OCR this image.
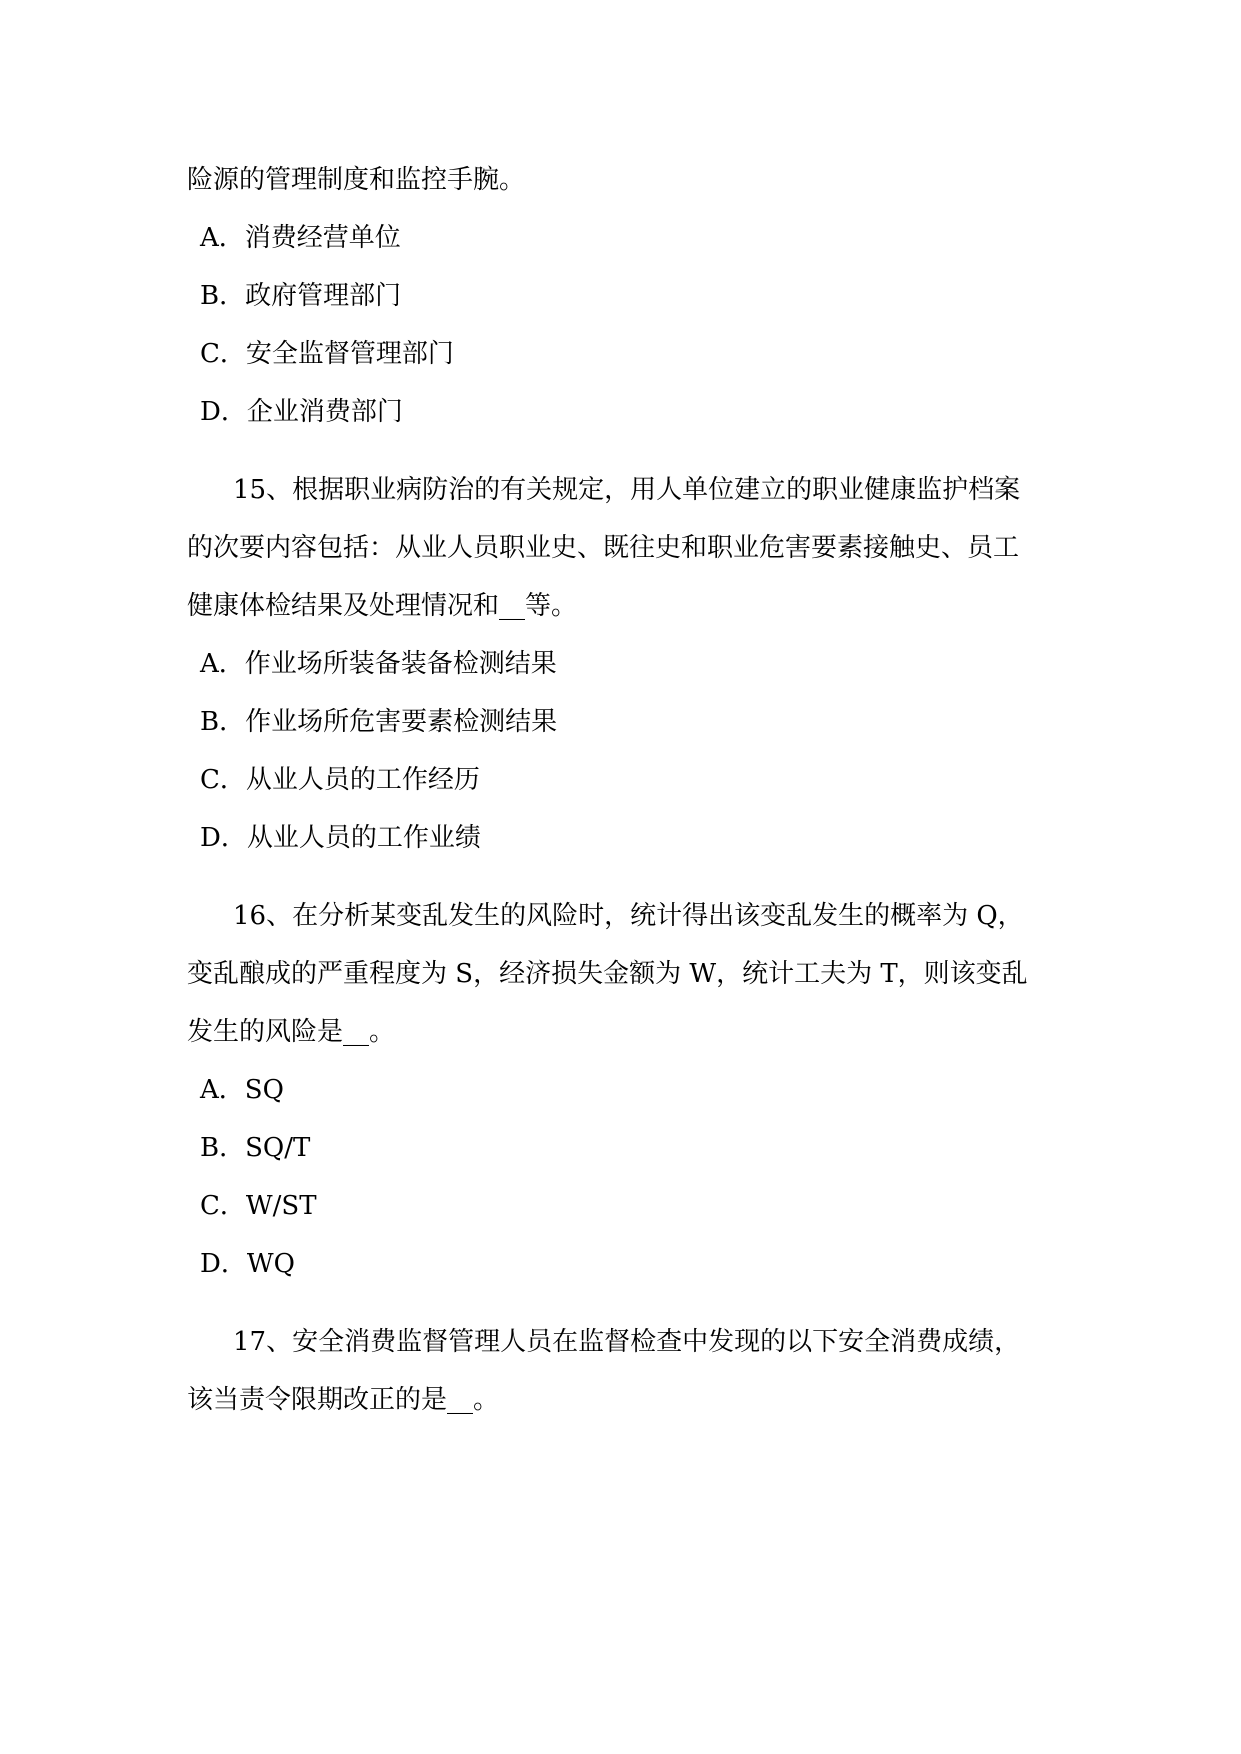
险源的管理制度和监控手腕。
A．消费经营单位
B．政府管理部门
C．安全监督管理部门
D．企业消费部门
15、根据职业病防治的有关规定，用人单位建立的职业健康监护档案
的次要内容包括：从业人员职业史、既往史和职业危害要素接触史、员工
健康体检结果及处理情况和__等。
A．作业场所装备装备检测结果
B．作业场所危害要素检测结果
C．从业人员的工作经历
D．从业人员的工作业绩
16、在分析某变乱发生的风险时，统计得出该变乱发生的概率为 Q，
变乱酿成的严重程度为 S，经济损失金额为 W，统计工夫为 T，则该变乱
发生的风险是__。
A．SQ
B．SQ/T
C．W/ST
D．WQ
17、安全消费监督管理人员在监督检查中发现的以下安全消费成绩，
该当责令限期改正的是__。
